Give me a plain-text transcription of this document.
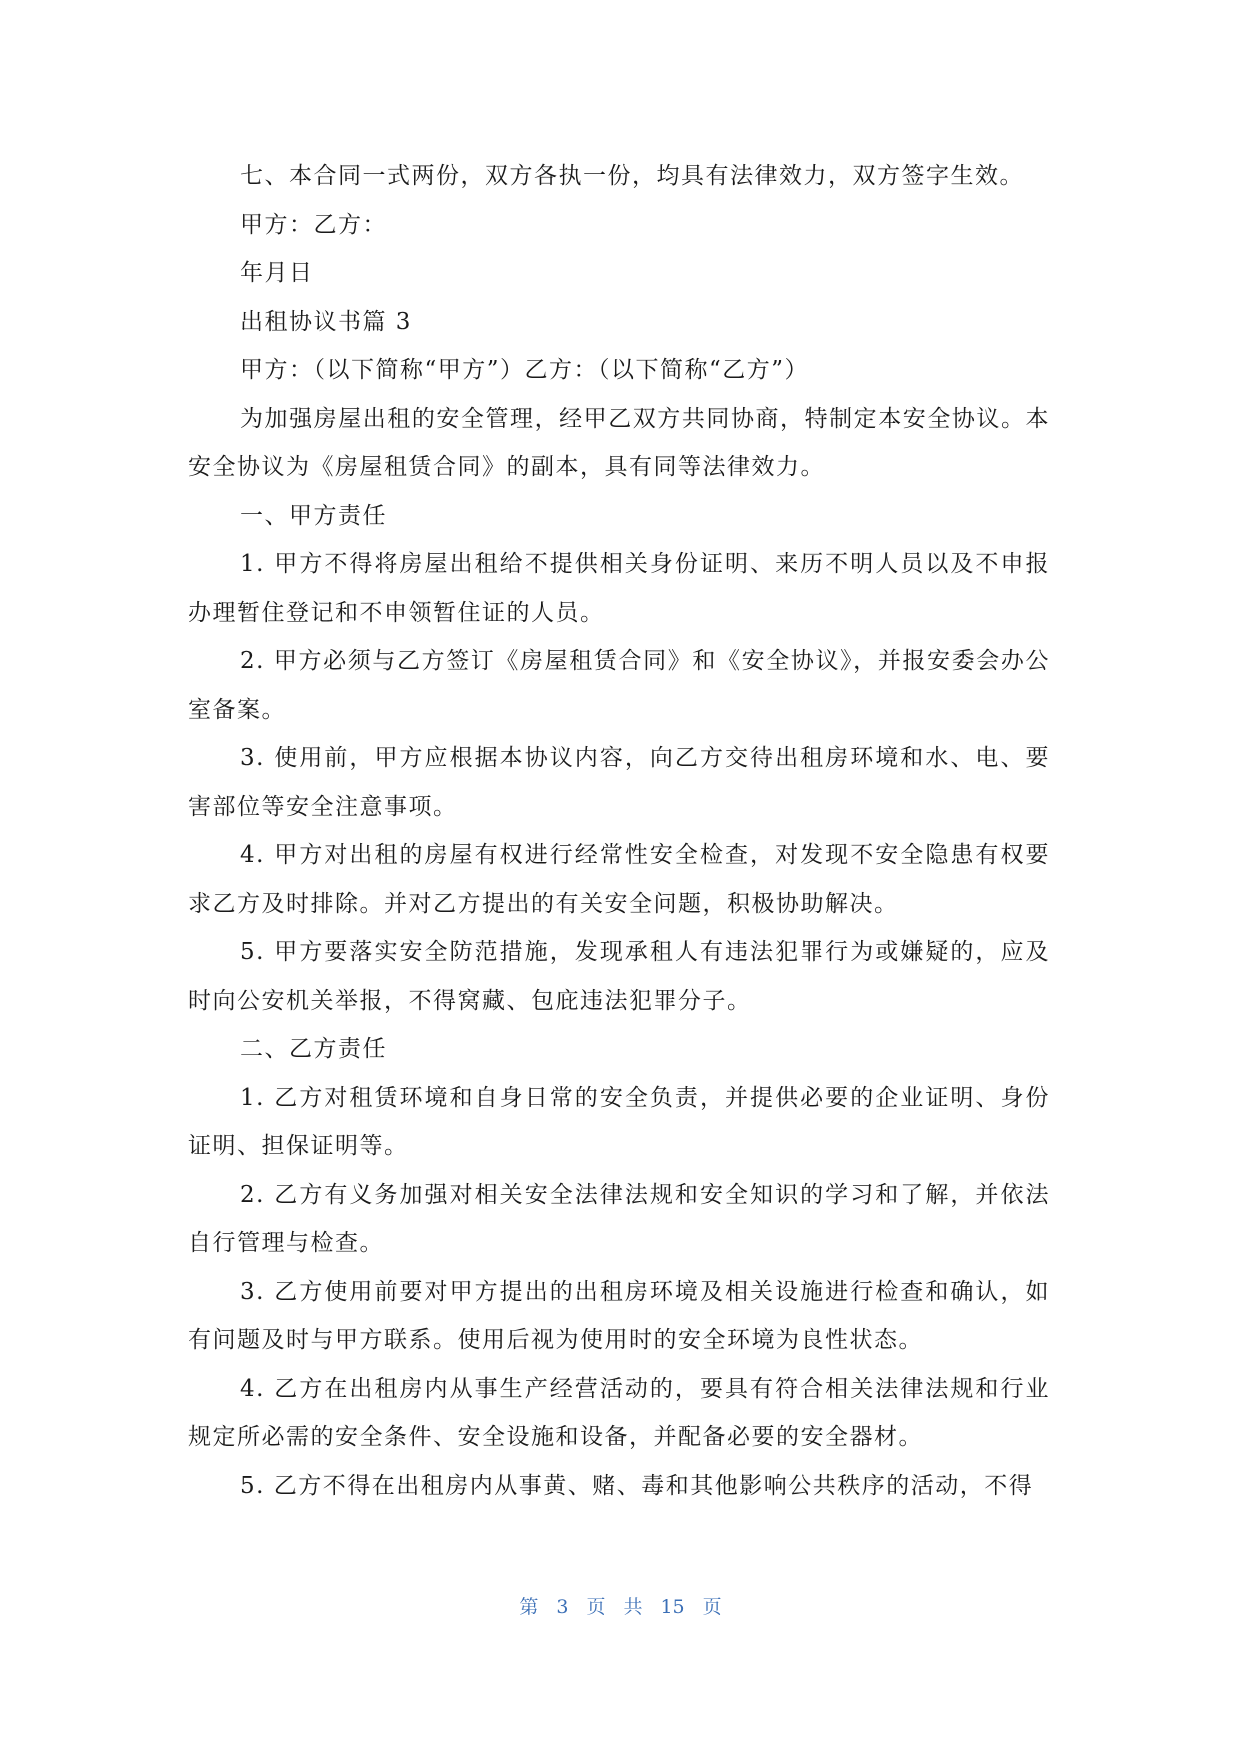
七、本合同一式两份，双方各执一份，均具有法律效力，双方签字生效。

甲方：乙方：

年月日

出租协议书篇 3

甲方：（以下简称“甲方”）乙方：（以下简称“乙方”）

为加强房屋出租的安全管理，经甲乙双方共同协商，特制定本安全协议。本安全协议为《房屋租赁合同》的副本，具有同等法律效力。

一、甲方责任

1. 甲方不得将房屋出租给不提供相关身份证明、来历不明人员以及不申报办理暂住登记和不申领暂住证的人员。

2. 甲方必须与乙方签订《房屋租赁合同》和《安全协议》，并报安委会办公室备案。

3. 使用前，甲方应根据本协议内容，向乙方交待出租房环境和水、电、要害部位等安全注意事项。

4. 甲方对出租的房屋有权进行经常性安全检查，对发现不安全隐患有权要求乙方及时排除。并对乙方提出的有关安全问题，积极协助解决。

5. 甲方要落实安全防范措施，发现承租人有违法犯罪行为或嫌疑的，应及时向公安机关举报，不得窝藏、包庇违法犯罪分子。

二、乙方责任

1. 乙方对租赁环境和自身日常的安全负责，并提供必要的企业证明、身份证明、担保证明等。

2. 乙方有义务加强对相关安全法律法规和安全知识的学习和了解，并依法自行管理与检查。

3. 乙方使用前要对甲方提出的出租房环境及相关设施进行检查和确认，如有问题及时与甲方联系。使用后视为使用时的安全环境为良性状态。

4. 乙方在出租房内从事生产经营活动的，要具有符合相关法律法规和行业规定所必需的安全条件、安全设施和设备，并配备必要的安全器材。

5. 乙方不得在出租房内从事黄、赌、毒和其他影响公共秩序的活动，不得

第 3 页 共 15 页
